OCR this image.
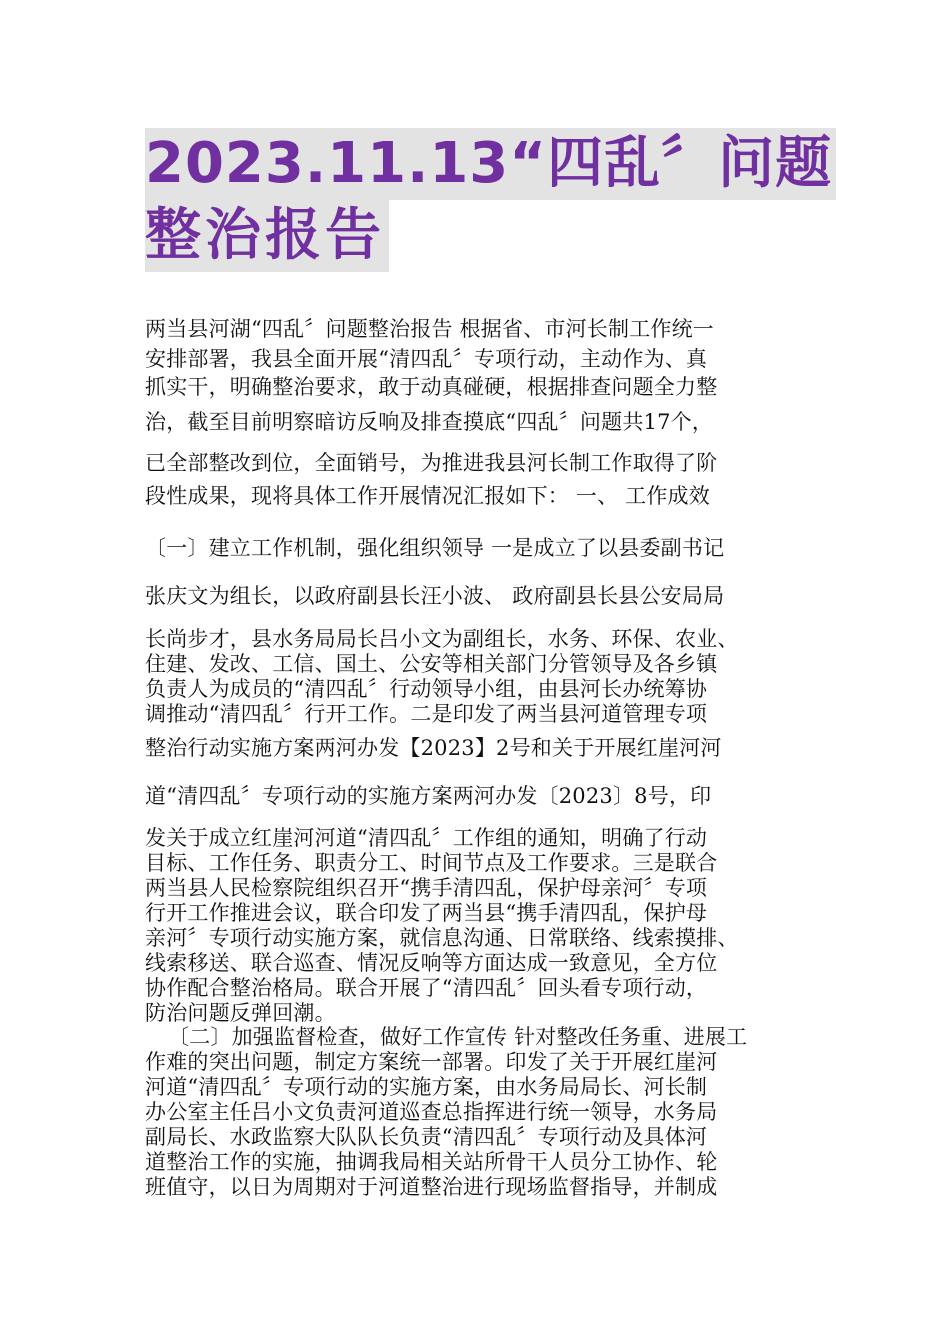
2023.11.13“四乱〞问题
整治报告
两当县河湖“四乱〞问题整治报告 根据省、市河长制工作统一
安排部署，我县全面开展“清四乱〞专项行动，主动作为、真
抓实干，明确整治要求，敢于动真碰硬，根据排查问题全力整
治，截至目前明察暗访反响及排查摸底“四乱〞问题共17个，
已全部整改到位，全面销号，为推进我县河长制工作取得了阶
段性成果，现将具体工作开展情况汇报如下： 一、 工作成效
〔一〕建立工作机制，强化组织领导 一是成立了以县委副书记
张庆文为组长，以政府副县长汪小波、 政府副县长县公安局局
长尚步才，县水务局局长吕小文为副组长，水务、环保、农业、
住建、发改、工信、国土、公安等相关部门分管领导及各乡镇
负责人为成员的“清四乱〞行动领导小组，由县河长办统筹协
调推动“清四乱〞行开工作。二是印发了两当县河道管理专项
整治行动实施方案两河办发【2023】2号和关于开展红崖河河
道“清四乱〞专项行动的实施方案两河办发〔2023〕8号，印
发关于成立红崖河河道“清四乱〞工作组的通知，明确了行动
目标、工作任务、职责分工、时间节点及工作要求。三是联合
两当县人民检察院组织召开“携手清四乱，保护母亲河〞专项
行开工作推进会议，联合印发了两当县“携手清四乱，保护母
亲河〞专项行动实施方案，就信息沟通、日常联络、线索摸排、
线索移送、联合巡查、情况反响等方面达成一致意见，全方位
协作配合整治格局。联合开展了“清四乱〞回头看专项行动，
防治问题反弹回潮。
〔二〕加强监督检查，做好工作宣传 针对整改任务重、进展工
作难的突出问题，制定方案统一部署。印发了关于开展红崖河
河道“清四乱〞专项行动的实施方案，由水务局局长、河长制
办公室主任吕小文负责河道巡查总指挥进行统一领导，水务局
副局长、水政监察大队队长负责“清四乱〞专项行动及具体河
道整治工作的实施，抽调我局相关站所骨干人员分工协作、轮
班值守，以日为周期对于河道整治进行现场监督指导，并制成
